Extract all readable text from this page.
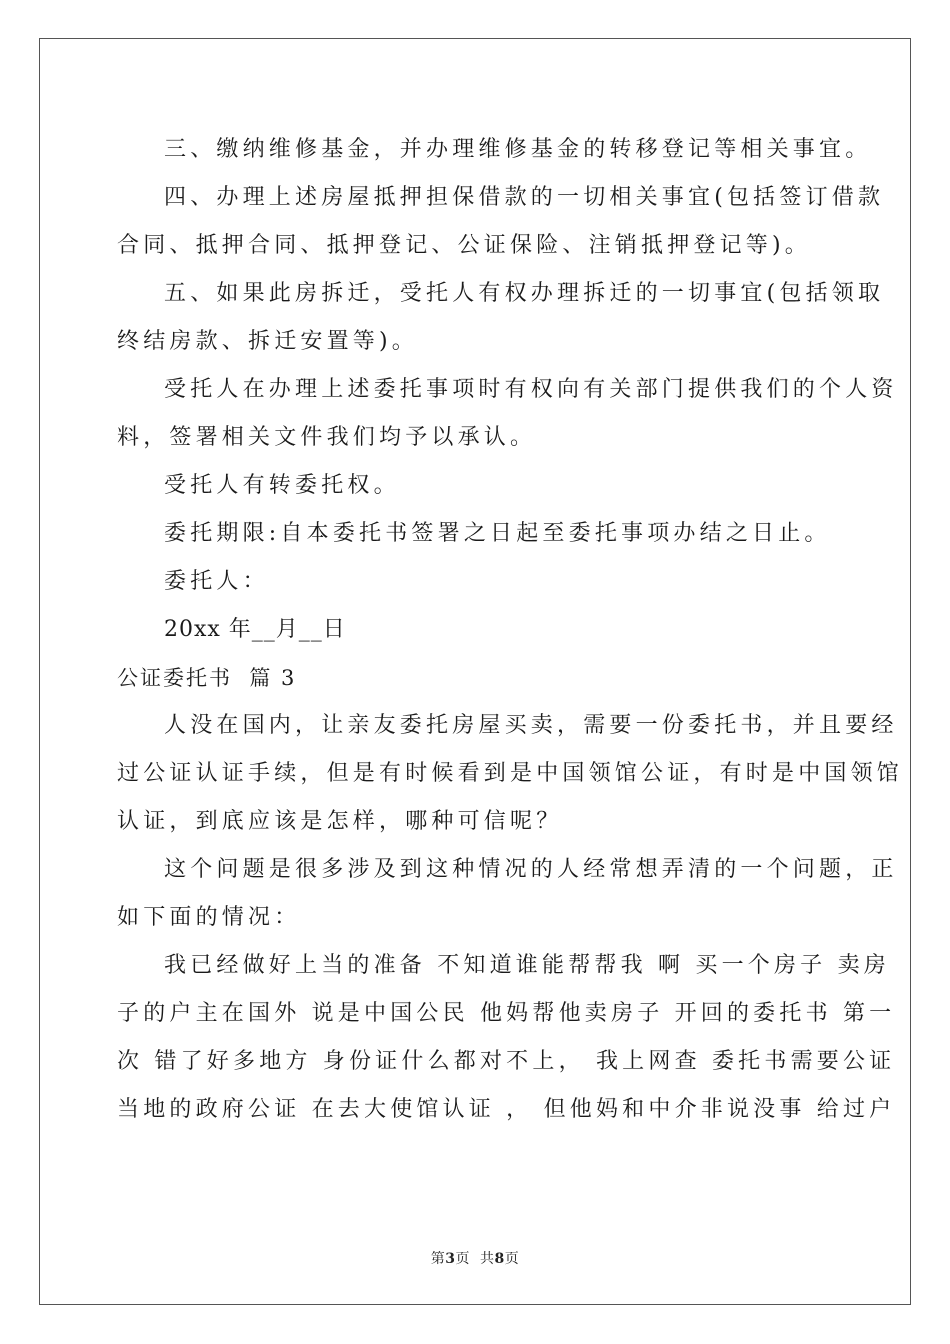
三、缴纳维修基金，并办理维修基金的转移登记等相关事宜。

四、办理上述房屋抵押担保借款的一切相关事宜(包括签订借款

合同、抵押合同、抵押登记、公证保险、注销抵押登记等)。

五、如果此房拆迁，受托人有权办理拆迁的一切事宜(包括领取

终结房款、拆迁安置等)。

受托人在办理上述委托事项时有权向有关部门提供我们的个人资

料，签署相关文件我们均予以承认。

受托人有转委托权。

委托期限:自本委托书签署之日起至委托事项办结之日止。

委托人：

20xx 年__月__日

公证委托书  篇 3

人没在国内，让亲友委托房屋买卖，需要一份委托书，并且要经

过公证认证手续，但是有时候看到是中国领馆公证，有时是中国领馆

认证，到底应该是怎样，哪种可信呢？

这个问题是很多涉及到这种情况的人经常想弄清的一个问题，正

如下面的情况：

我已经做好上当的准备 不知道谁能帮帮我 啊 买一个房子 卖房

子的户主在国外 说是中国公民 他妈帮他卖房子 开回的委托书 第一

次 错了好多地方 身份证什么都对不上， 我上网查 委托书需要公证

当地的政府公证 在去大使馆认证 ， 但他妈和中介非说没事 给过户

第3页 共8页
